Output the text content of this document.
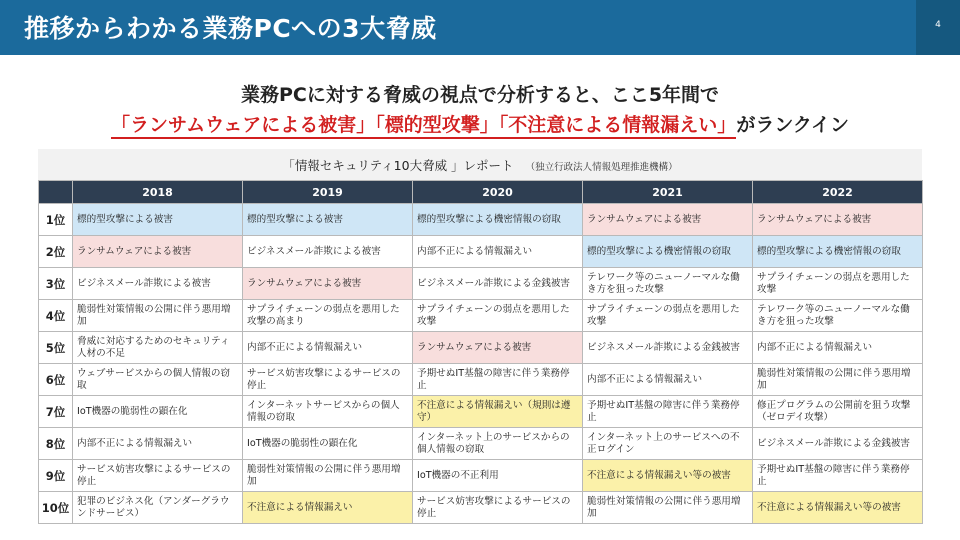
推移からわかる業務PCへの3大脅威	4
業務PCに対する脅威の視点で分析すると、ここ5年間で
「ランサムウェアによる被害」「標的型攻撃」「不注意による情報漏えい」がランクイン
「情報セキュリティ10大脅威 」レポート （独立行政法人情報処理推進機構）
	2018	2019	2020	2021	2022
1位	標的型攻撃による被害	標的型攻撃による被害	標的型攻撃による機密情報の窃取	ランサムウェアによる被害	ランサムウェアによる被害
2位	ランサムウェアによる被害	ビジネスメール詐欺による被害	内部不正による情報漏えい	標的型攻撃による機密情報の窃取	標的型攻撃による機密情報の窃取
3位	ビジネスメール詐欺による被害	ランサムウェアによる被害	ビジネスメール詐欺による金銭被害	テレワーク等のニューノーマルな働き方を狙った攻撃	サプライチェーンの弱点を悪用した攻撃
4位	脆弱性対策情報の公開に伴う悪用増加	サプライチェーンの弱点を悪用した攻撃の高まり	サプライチェーンの弱点を悪用した攻撃	サプライチェーンの弱点を悪用した攻撃	テレワーク等のニューノーマルな働き方を狙った攻撃
5位	脅威に対応するためのセキュリティ人材の不足	内部不正による情報漏えい	ランサムウェアによる被害	ビジネスメール詐欺による金銭被害	内部不正による情報漏えい
6位	ウェブサービスからの個人情報の窃取	サービス妨害攻撃によるサービスの停止	予期せぬIT基盤の障害に伴う業務停止	内部不正による情報漏えい	脆弱性対策情報の公開に伴う悪用増加
7位	IoT機器の脆弱性の顕在化	インターネットサービスからの個人情報の窃取	不注意による情報漏えい（規則は遵守）	予期せぬIT基盤の障害に伴う業務停止	修正プログラムの公開前を狙う攻撃（ゼロデイ攻撃）
8位	内部不正による情報漏えい	IoT機器の脆弱性の顕在化	インターネット上のサービスからの個人情報の窃取	インターネット上のサービスへの不正ログイン	ビジネスメール詐欺による金銭被害
9位	サービス妨害攻撃によるサービスの停止	脆弱性対策情報の公開に伴う悪用増加	IoT機器の不正利用	不注意による情報漏えい等の被害	予期せぬIT基盤の障害に伴う業務停止
10位	犯罪のビジネス化（アンダーグラウンドサービス）	不注意による情報漏えい	サービス妨害攻撃によるサービスの停止	脆弱性対策情報の公開に伴う悪用増加	不注意による情報漏えい等の被害
